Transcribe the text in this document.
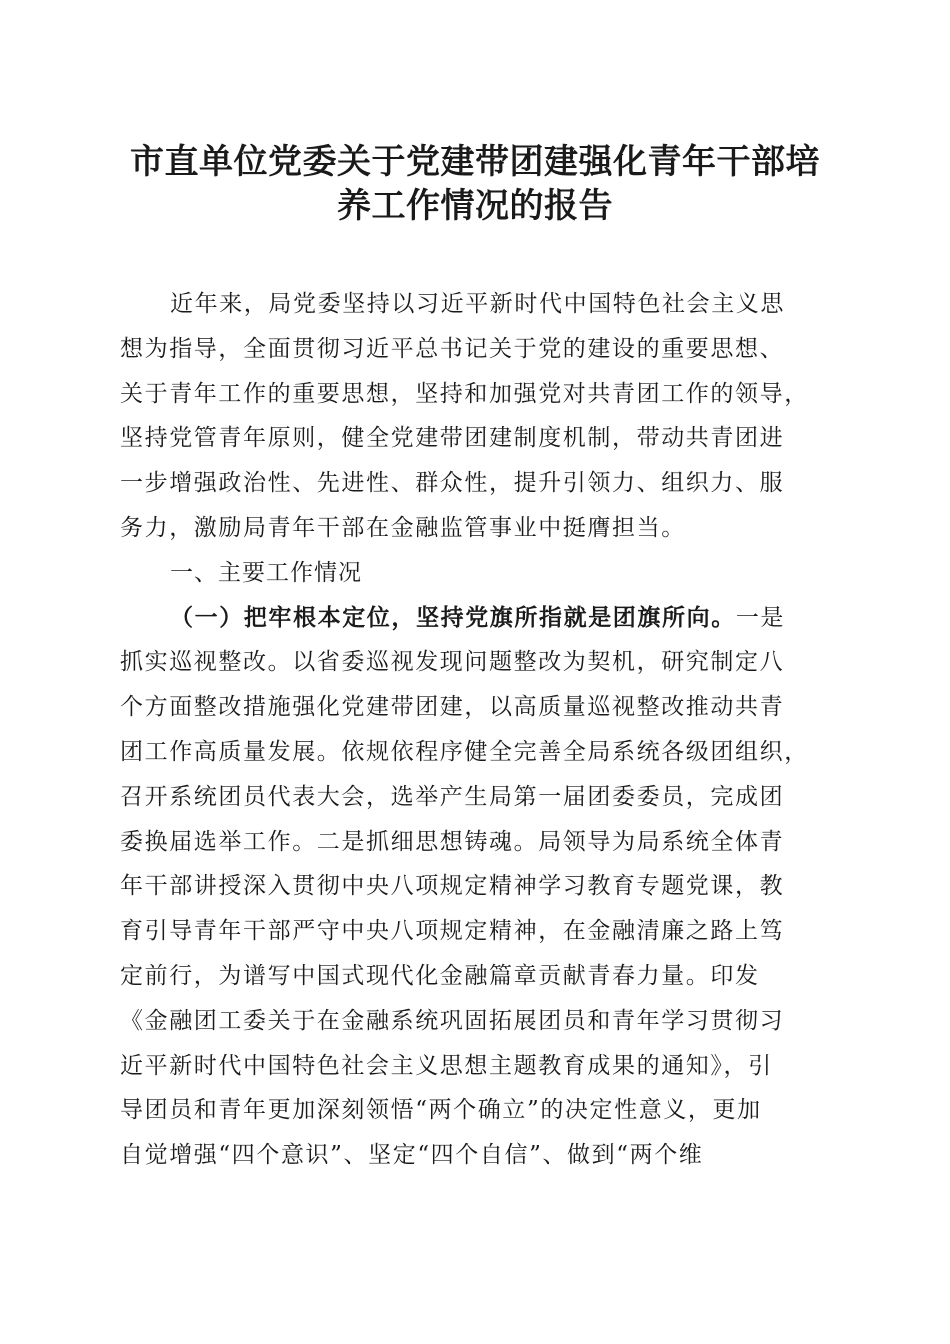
市直单位党委关于党建带团建强化青年干部培
养工作情况的报告
近年来，局党委坚持以习近平新时代中国特色社会主义思
想为指导，全面贯彻习近平总书记关于党的建设的重要思想、
关于青年工作的重要思想，坚持和加强党对共青团工作的领导，
坚持党管青年原则，健全党建带团建制度机制，带动共青团进
一步增强政治性、先进性、群众性，提升引领力、组织力、服
务力，激励局青年干部在金融监管事业中挺膺担当。
一、主要工作情况
（一）把牢根本定位，坚持党旗所指就是团旗所向。一是
抓实巡视整改。以省委巡视发现问题整改为契机，研究制定八
个方面整改措施强化党建带团建，以高质量巡视整改推动共青
团工作高质量发展。依规依程序健全完善全局系统各级团组织，
召开系统团员代表大会，选举产生局第一届团委委员，完成团
委换届选举工作。二是抓细思想铸魂。局领导为局系统全体青
年干部讲授深入贯彻中央八项规定精神学习教育专题党课，教
育引导青年干部严守中央八项规定精神，在金融清廉之路上笃
定前行，为谱写中国式现代化金融篇章贡献青春力量。印发
《金融团工委关于在金融系统巩固拓展团员和青年学习贯彻习
近平新时代中国特色社会主义思想主题教育成果的通知》，引
导团员和青年更加深刻领悟“两个确立”的决定性意义，更加
自觉增强“四个意识”、坚定“四个自信”、做到“两个维
